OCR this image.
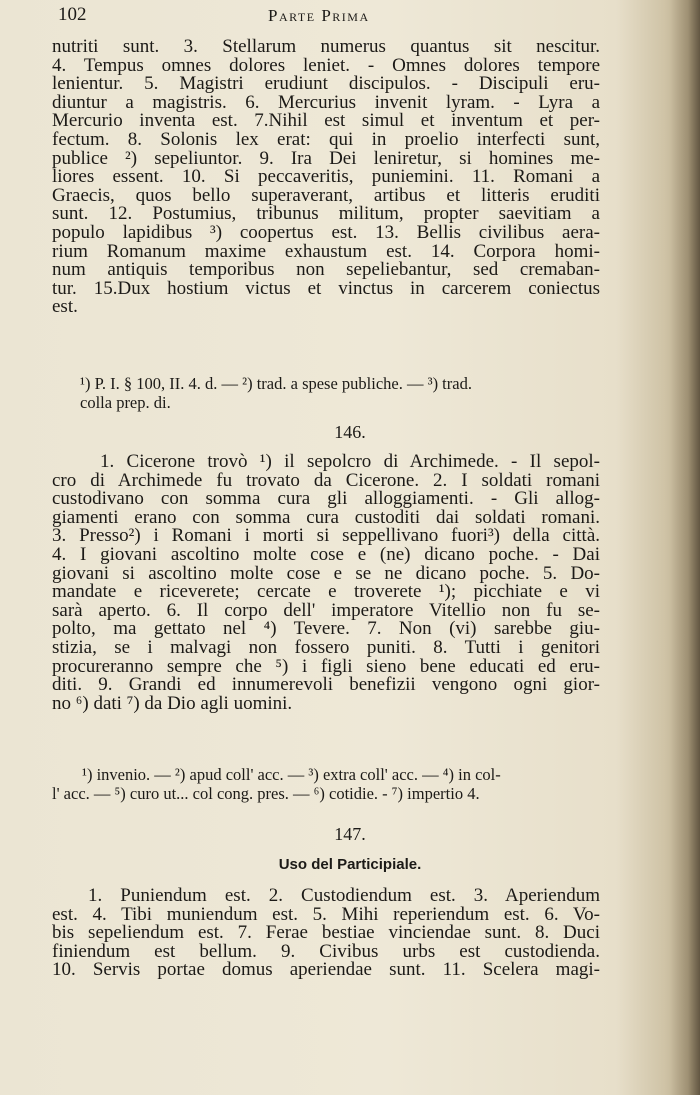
102	Parte Prima
nutriti sunt. 3. Stellarum numerus quantus sit nescitur.
4. Tempus omnes dolores leniet. - Omnes dolores tempore
lenientur. 5. Magistri erudiunt discipulos. - Discipuli eru-
diuntur a magistris. 6. Mercurius invenit lyram. - Lyra a
Mercurio inventa est. 7.Nihil est simul et inventum et per-
fectum. 8. Solonis lex erat: qui in proelio interfecti sunt,
publice ²) sepeliuntor. 9. Ira Dei leniretur, si homines me-
liores essent. 10. Si peccaveritis, puniemini. 11. Romani a
Graecis, quos bello superaverant, artibus et litteris eruditi
sunt. 12. Postumius, tribunus militum, propter saevitiam a
populo lapidibus ³) coopertus est. 13. Bellis civilibus aera-
rium Romanum maxime exhaustum est. 14. Corpora homi-
num antiquis temporibus non sepeliebantur, sed cremaban-
tur. 15.Dux hostium victus et vinctus in carcerem coniectus
est.
¹) P. I. § 100, II. 4. d. — ²) trad. a spese publiche. — ³) trad.
colla prep. di.
146.
1. Cicerone trovò ¹) il sepolcro di Archimede. - Il sepol-
cro di Archimede fu trovato da Cicerone. 2. I soldati romani
custodivano con somma cura gli alloggiamenti. - Gli allog-
giamenti erano con somma cura custoditi dai soldati romani.
3. Presso²) i Romani i morti si seppellivano fuori³) della città.
4. I giovani ascoltino molte cose e (ne) dicano poche. - Dai
giovani si ascoltino molte cose e se ne dicano poche. 5. Do-
mandate e riceverete; cercate e troverete ¹); picchiate e vi
sarà aperto. 6. Il corpo dell' imperatore Vitellio non fu se-
polto, ma gettato nel ⁴) Tevere. 7. Non (vi) sarebbe giu-
stizia, se i malvagi non fossero puniti. 8. Tutti i genitori
procureranno sempre che ⁵) i figli sieno bene educati ed eru-
diti. 9. Grandi ed innumerevoli benefizii vengono ogni gior-
no ⁶) dati ⁷) da Dio agli uomini.
¹) invenio. — ²) apud coll' acc. — ³) extra coll' acc. — ⁴) in col-
l' acc. — ⁵) curo ut... col cong. pres. — ⁶) cotidie. - ⁷) impertio 4.
147.
Uso del Participiale.
1. Puniendum est. 2. Custodiendum est. 3. Aperiendum
est. 4. Tibi muniendum est. 5. Mihi reperiendum est. 6. Vo-
bis sepeliendum est. 7. Ferae bestiae vinciendae sunt. 8. Duci
finiendum est bellum. 9. Civibus urbs est custodienda.
10. Servis portae domus aperiendae sunt. 11. Scelera magi-
